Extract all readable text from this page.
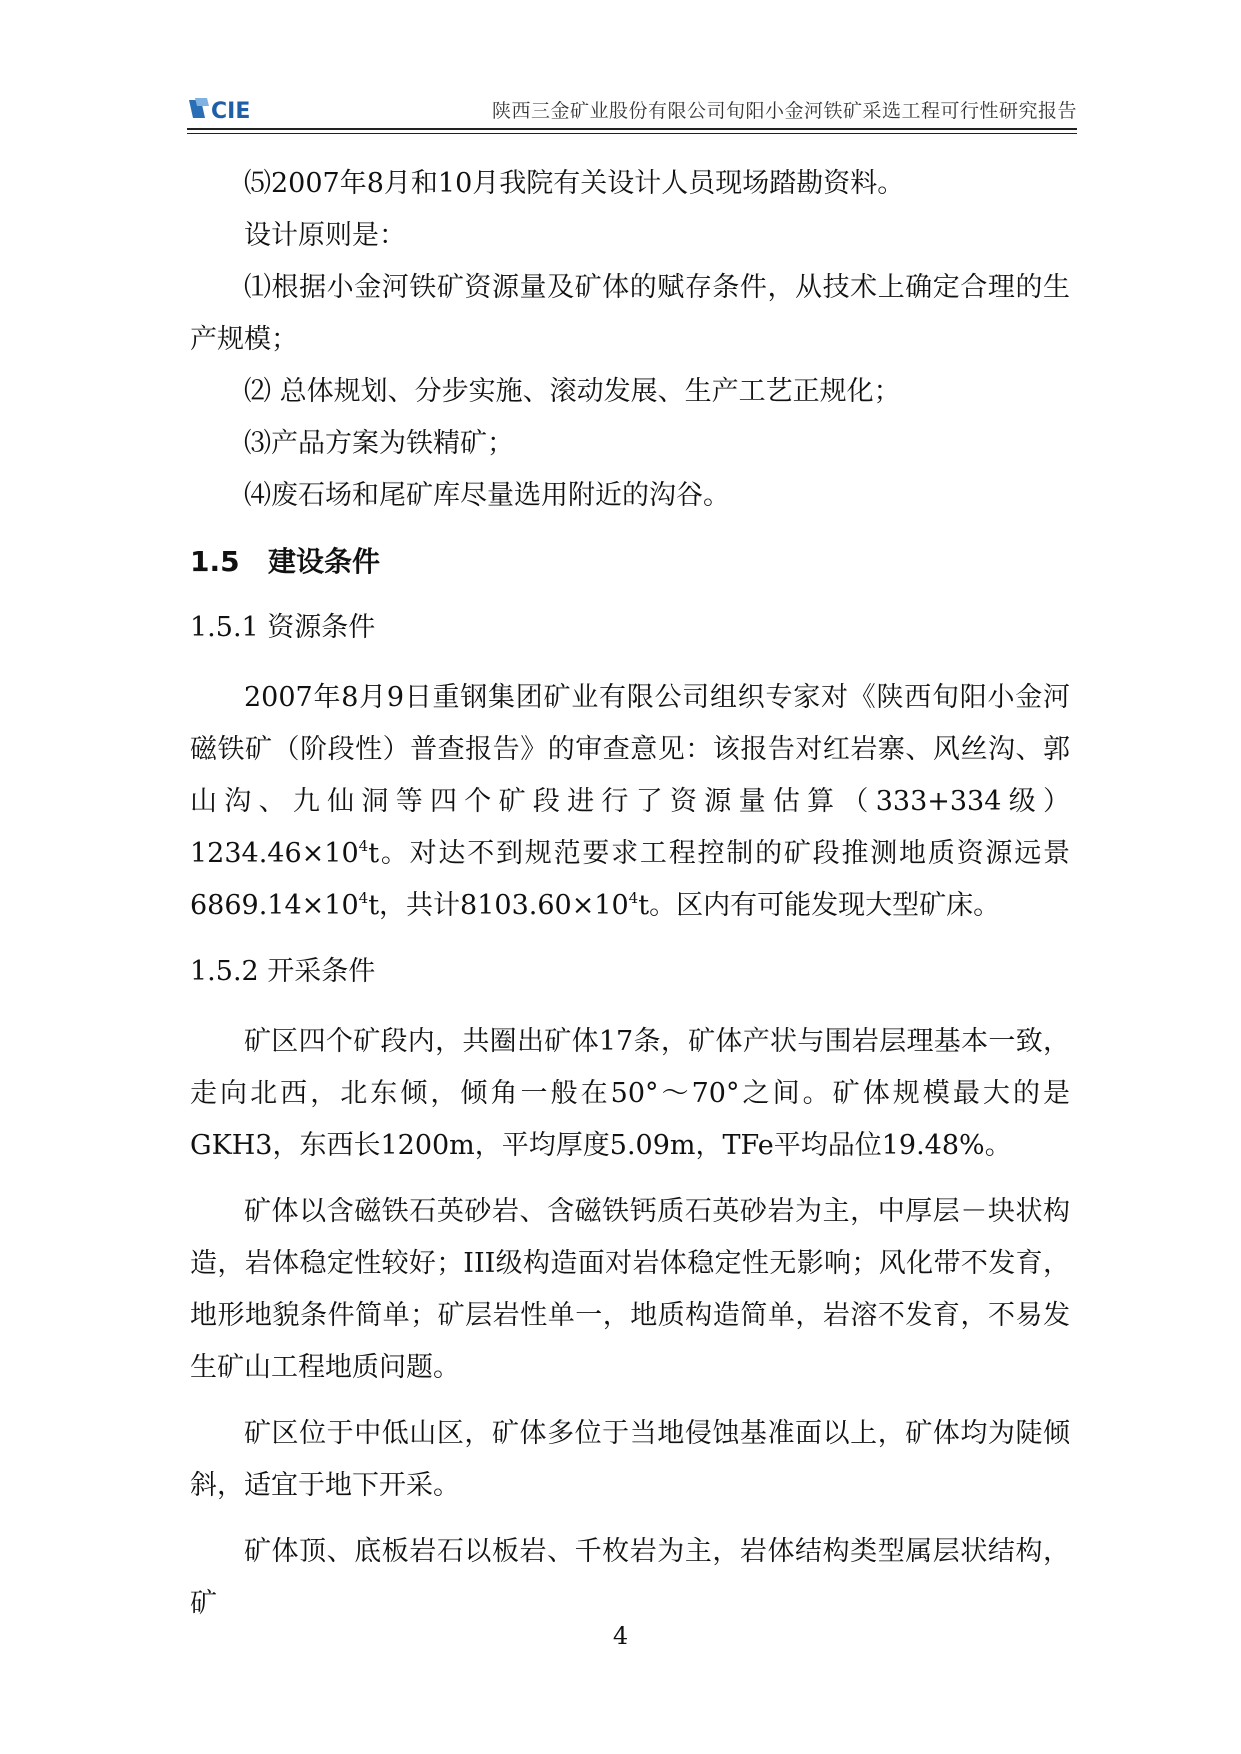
CIE	陕西三金矿业股份有限公司旬阳小金河铁矿采选工程可行性研究报告

⑸2007年8月和10月我院有关设计人员现场踏勘资料。

设计原则是：

⑴根据小金河铁矿资源量及矿体的赋存条件，从技术上确定合理的生产规模；

⑵ 总体规划、分步实施、滚动发展、生产工艺正规化；

⑶产品方案为铁精矿；

⑷废石场和尾矿库尽量选用附近的沟谷。

1.5 建设条件
1.5.1 资源条件

2007年8月9日重钢集团矿业有限公司组织专家对《陕西旬阳小金河磁铁矿（阶段性）普查报告》的审查意见：该报告对红岩寨、风丝沟、郭山沟、九仙洞等四个矿段进行了资源量估算（333+334级）$1234.46\times 10^4t$。对达不到规范要求工程控制的矿段推测地质资源远景$6869.14\times 10^4t$，共计$8103.60\times 10^4t$。区内有可能发现大型矿床。

1.5.2 开采条件

矿区四个矿段内，共圈出矿体17条，矿体产状与围岩层理基本一致，走向北西，北东倾，倾角一般在50°～70°之间。矿体规模最大的是GKH3，东西长1200m，平均厚度5.09m，TFe平均品位19.48%。

矿体以含磁铁石英砂岩、含磁铁钙质石英砂岩为主，中厚层－块状构造，岩体稳定性较好；III级构造面对岩体稳定性无影响；风化带不发育，地形地貌条件简单；矿层岩性单一，地质构造简单，岩溶不发育，不易发生矿山工程地质问题。

矿区位于中低山区，矿体多位于当地侵蚀基准面以上，矿体均为陡倾斜，适宜于地下开采。

矿体顶、底板岩石以板岩、千枚岩为主，岩体结构类型属层状结构，矿

4
